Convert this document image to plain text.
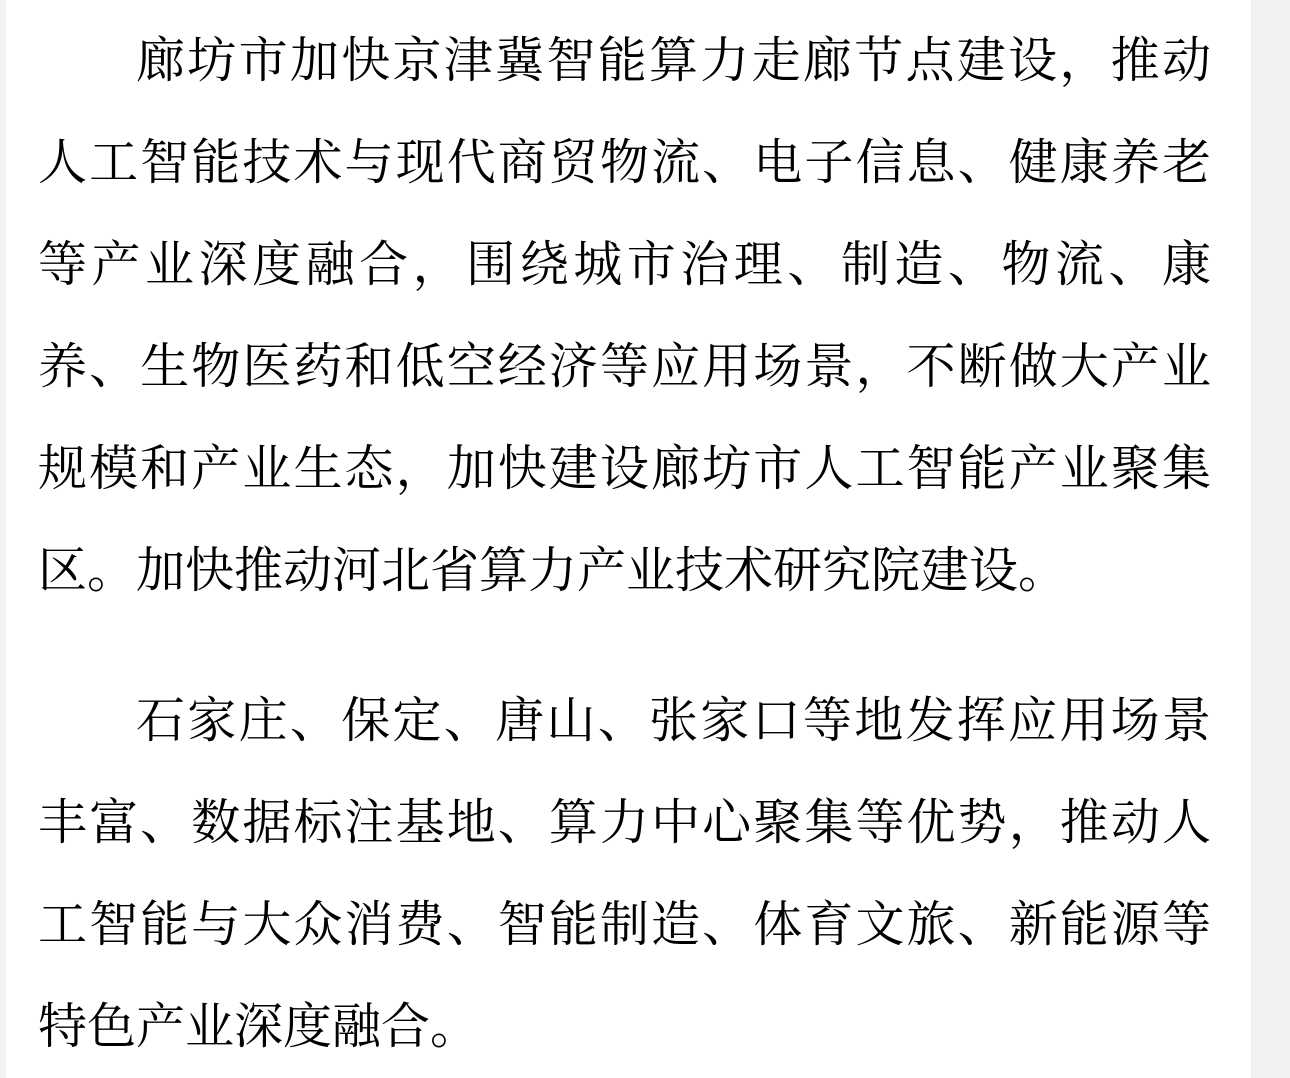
廊坊市加快京津冀智能算力走廊节点建设，推动人工智能技术与现代商贸物流、电子信息、健康养老等产业深度融合，围绕城市治理、制造、物流、康养、生物医药和低空经济等应用场景，不断做大产业规模和产业生态，加快建设廊坊市人工智能产业聚集区。加快推动河北省算力产业技术研究院建设。

石家庄、保定、唐山、张家口等地发挥应用场景丰富、数据标注基地、算力中心聚集等优势，推动人工智能与大众消费、智能制造、体育文旅、新能源等特色产业深度融合。
